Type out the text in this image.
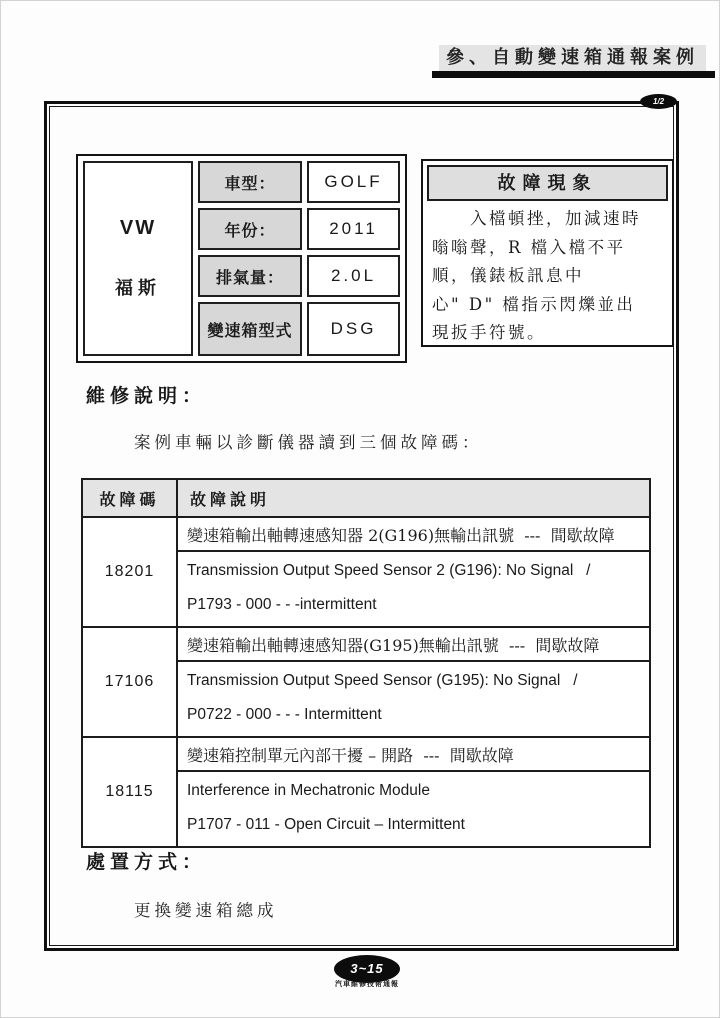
參、自動變速箱通報案例
1/2
VW
福斯	車型：	GOLF
	年份：	2011
	排氣量：	2.0L
	變速箱型式	DSG
故障現象
　　入檔頓挫，加減速時
嗡嗡聲，R 檔入檔不平
順，儀錶板訊息中
心" D" 檔指示閃爍並出
現扳手符號。
維修說明：
案例車輛以診斷儀器讀到三個故障碼：
故障碼	故障說明
18201	變速箱輸出軸轉速感知器 2(G196)無輸出訊號  ---  間歇故障

	Transmission Output Speed Sensor 2 (G196): No Signal   /
P1793 - 000 - - -intermittent

17106	變速箱輸出軸轉速感知器(G195)無輸出訊號  ---  間歇故障

	Transmission Output Speed Sensor (G195): No Signal   /
P0722 - 000 - - - Intermittent

18115	變速箱控制單元內部干擾 – 開路  ---  間歇故障

	Interference in Mechatronic Module
P1707 - 011 - Open Circuit – Intermittent
處置方式：
更換變速箱總成
3~15
汽車維修技術通報
